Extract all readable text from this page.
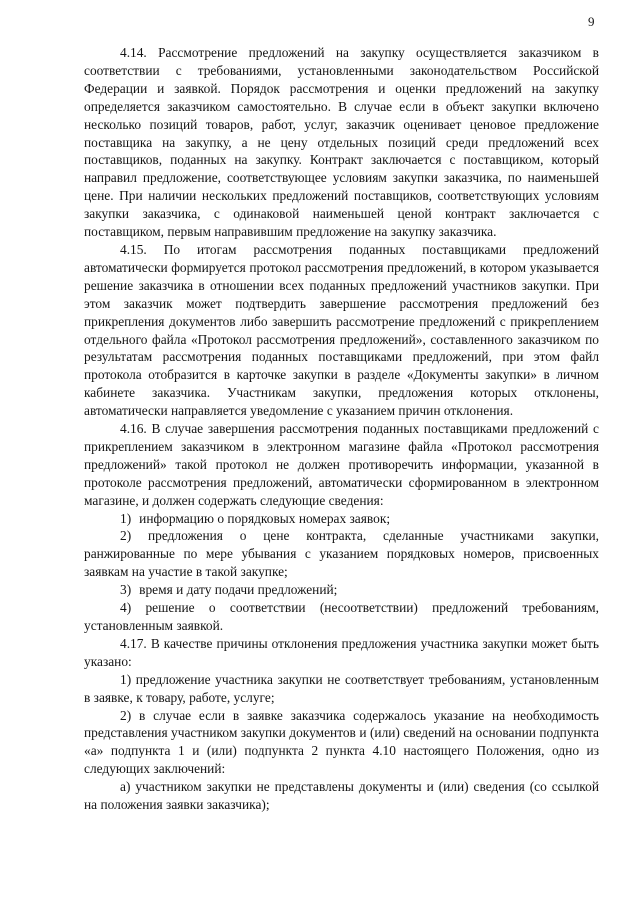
9

4.14. Рассмотрение предложений на закупку осуществляется заказчиком в соответствии с требованиями, установленными законодательством Российской Федерации и заявкой. Порядок рассмотрения и оценки предложений на закупку определяется заказчиком самостоятельно. В случае если в объект закупки включено несколько позиций товаров, работ, услуг, заказчик оценивает ценовое предложение поставщика на закупку, а не цену отдельных позиций среди предложений всех поставщиков, поданных на закупку. Контракт заключается с поставщиком, который направил предложение, соответствующее условиям закупки заказчика, по наименьшей цене. При наличии нескольких предложений поставщиков, соответствующих условиям закупки заказчика, с одинаковой наименьшей ценой контракт заключается с поставщиком, первым направившим предложение на закупку заказчика.

4.15. По итогам рассмотрения поданных поставщиками предложений автоматически формируется протокол рассмотрения предложений, в котором указывается решение заказчика в отношении всех поданных предложений участников закупки. При этом заказчик может подтвердить завершение рассмотрения предложений без прикрепления документов либо завершить рассмотрение предложений с прикреплением отдельного файла «Протокол рассмотрения предложений», составленного заказчиком по результатам рассмотрения поданных поставщиками предложений, при этом файл протокола отобразится в карточке закупки в разделе «Документы закупки» в личном кабинете заказчика. Участникам закупки, предложения которых отклонены, автоматически направляется уведомление с указанием причин отклонения.

4.16. В случае завершения рассмотрения поданных поставщиками предложений с прикреплением заказчиком в электронном магазине файла «Протокол рассмотрения предложений» такой протокол не должен противоречить информации, указанной в протоколе рассмотрения предложений, автоматически сформированном в электронном магазине, и должен содержать следующие сведения:

1) информацию о порядковых номерах заявок;

2) предложения о цене контракта, сделанные участниками закупки, ранжированные по мере убывания с указанием порядковых номеров, присвоенных заявкам на участие в такой закупке;

3) время и дату подачи предложений;

4) решение о соответствии (несоответствии) предложений требованиям, установленным заявкой.

4.17. В качестве причины отклонения предложения участника закупки может быть указано:

1) предложение участника закупки не соответствует требованиям, установленным в заявке, к товару, работе, услуге;

2) в случае если в заявке заказчика содержалось указание на необходимость представления участником закупки документов и (или) сведений на основании подпункта «а» подпункта 1 и (или) подпункта 2 пункта 4.10 настоящего Положения, одно из следующих заключений:

а) участником закупки не представлены документы и (или) сведения (со ссылкой на положения заявки заказчика);
